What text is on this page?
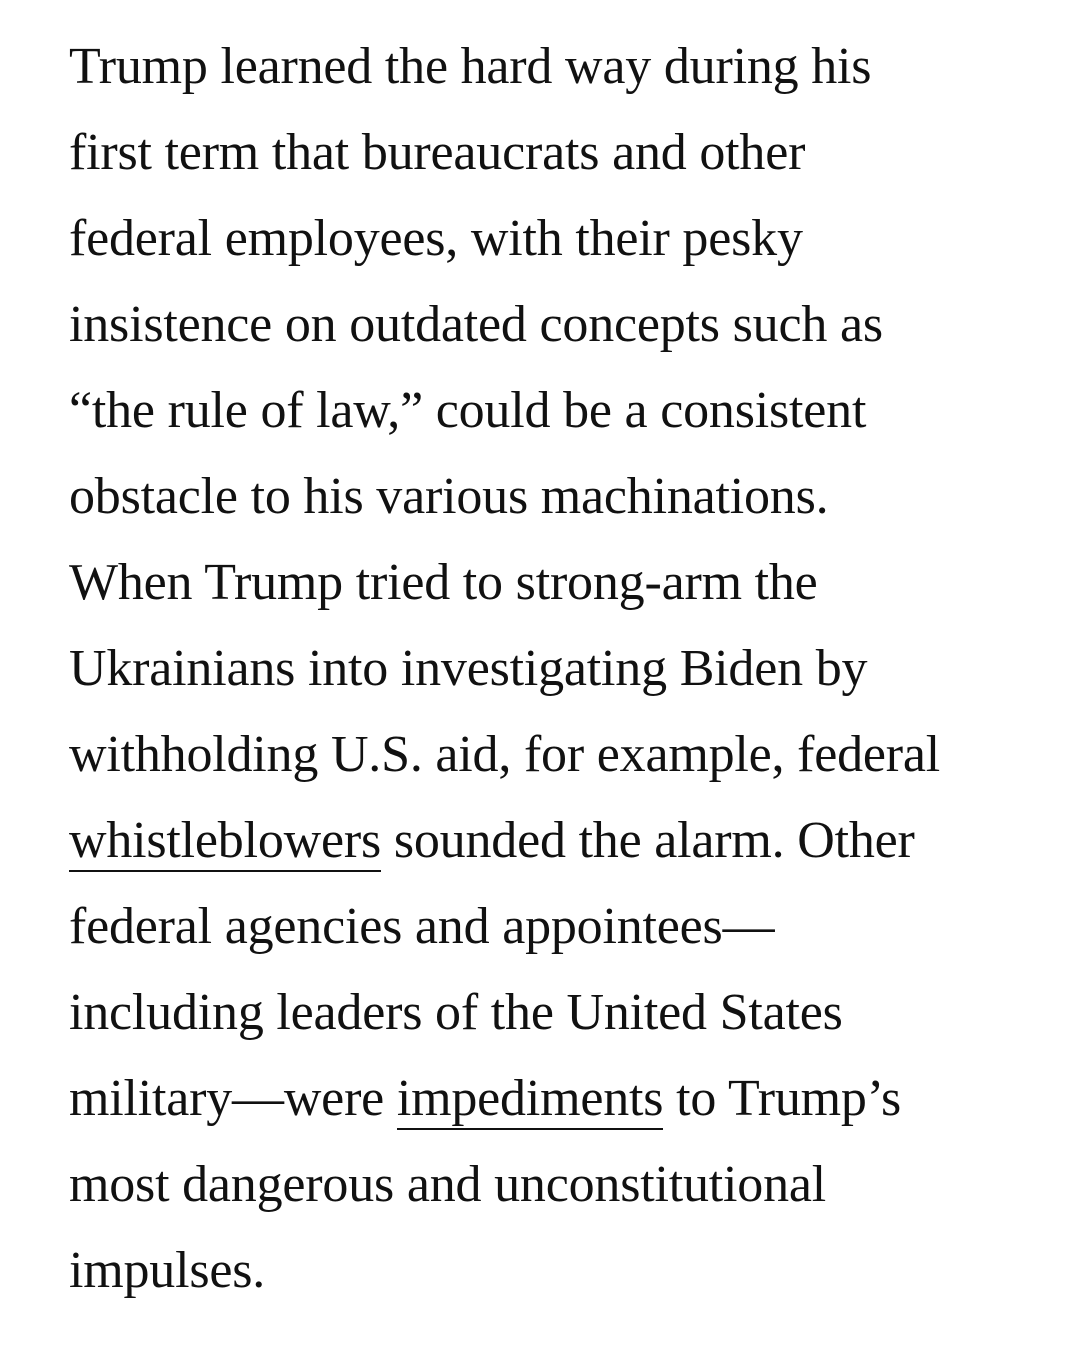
Trump learned the hard way during his
first term that bureaucrats and other
federal employees, with their pesky
insistence on outdated concepts such as
“the rule of law,” could be a consistent
obstacle to his various machinations.
When Trump tried to strong-arm the
Ukrainians into investigating Biden by
withholding U.S. aid, for example, federal
whistleblowers sounded the alarm. Other
federal agencies and appointees—
including leaders of the United States
military—were impediments to Trump’s
most dangerous and unconstitutional
impulses.
